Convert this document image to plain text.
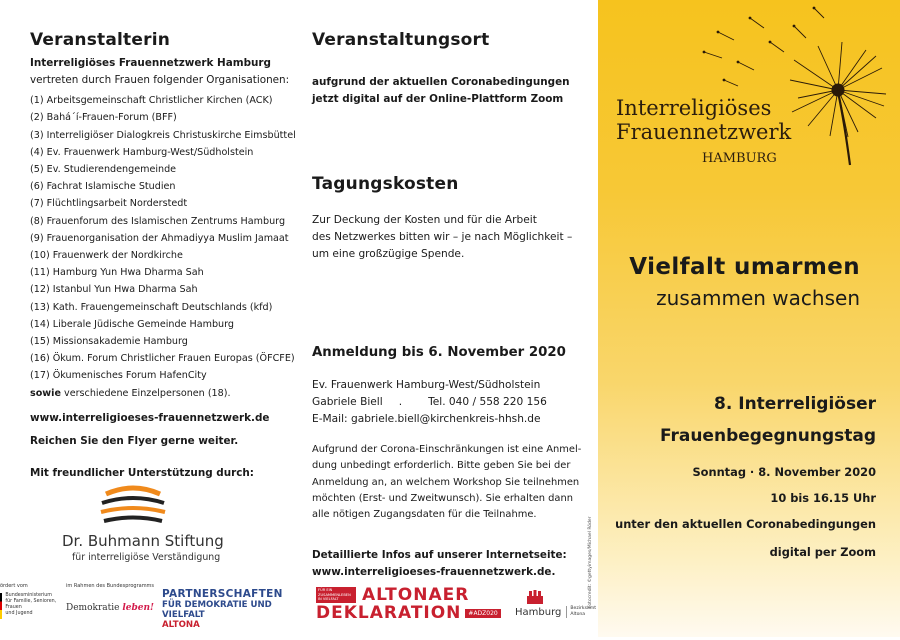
Veranstalterin
Interreligiöses Frauennetzwerk Hamburg
vertreten durch Frauen folgender Organisationen:
(1) Arbeitsgemeinschaft Christlicher Kirchen (ACK)
(2) Bahá´í-Frauen-Forum (BFF)
(3) Interreligiöser Dialogkreis Christuskirche Eimsbüttel
(4) Ev. Frauenwerk Hamburg-West/Südholstein
(5) Ev. Studierendengemeinde
(6) Fachrat Islamische Studien
(7) Flüchtlingsarbeit Norderstedt
(8) Frauenforum des Islamischen Zentrums Hamburg
(9) Frauenorganisation der Ahmadiyya Muslim Jamaat
(10) Frauenwerk der Nordkirche
(11) Hamburg Yun Hwa Dharma Sah
(12) Istanbul Yun Hwa Dharma Sah
(13) Kath. Frauengemeinschaft Deutschlands (kfd)
(14) Liberale Jüdische Gemeinde Hamburg
(15) Missionsakademie Hamburg
(16) Ökum. Forum Christlicher Frauen Europas (ÖFCFE)
(17) Ökumenisches Forum HafenCity
sowie verschiedene Einzelpersonen (18).
www.interreligioeses-frauennetzwerk.de
Reichen Sie den Flyer gerne weiter.
Mit freundlicher Unterstützung durch:
Dr. Buhmann Stiftung
für interreligiöse Verständigung
Veranstaltungsort
aufgrund der aktuellen Coronabedingungen
jetzt digital auf der Online-Plattform Zoom
Tagungskosten
Zur Deckung der Kosten und für die Arbeit
des Netzwerkes bitten wir – je nach Möglichkeit –
um eine großzügige Spende.
Anmeldung bis 6. November 2020
Ev. Frauenwerk Hamburg-West/Südholstein
Gabriele Biell . Tel. 040 / 558 220 156
E-Mail: gabriele.biell@kirchenkreis-hhsh.de
Aufgrund der Corona-Einschränkungen ist eine Anmel-
dung unbedingt erforderlich. Bitte geben Sie bei der
Anmeldung an, an welchem Workshop Sie teilnehmen
möchten (Erst- und Zweitwunsch). Sie erhalten dann
alle nötigen Zugangsdaten für die Teilnahme.
Detaillierte Infos auf unserer Internetseite:
www.interreligioeses-frauennetzwerk.de.
Interreligiöses
Frauennetzwerk
HAMBURG
Vielfalt umarmen
zusammen wachsen
8. Interreligiöser
Frauenbegegnungstag
Sonntag · 8. November 2020
10 bis 16.15 Uhr
unter den aktuellen Coronabedingungen
digital per Zoom
Fotocredit: ©gettyimages/Michael Röder
ördert vom
Bundesministerium
für Familie, Senioren, Frauen
und Jugend
im Rahmen des Bundesprogramms
Demokratie leben!
PARTNERSCHAFTEN
FÜR DEMOKRATIE UND VIELFALT
ALTONA
FÜR EIN ZUSAMMENLEBEN IN VIELFALT	ALTONAER
DEKLARATION	#ADZ020	Hamburg Bezirksamt
Altona
